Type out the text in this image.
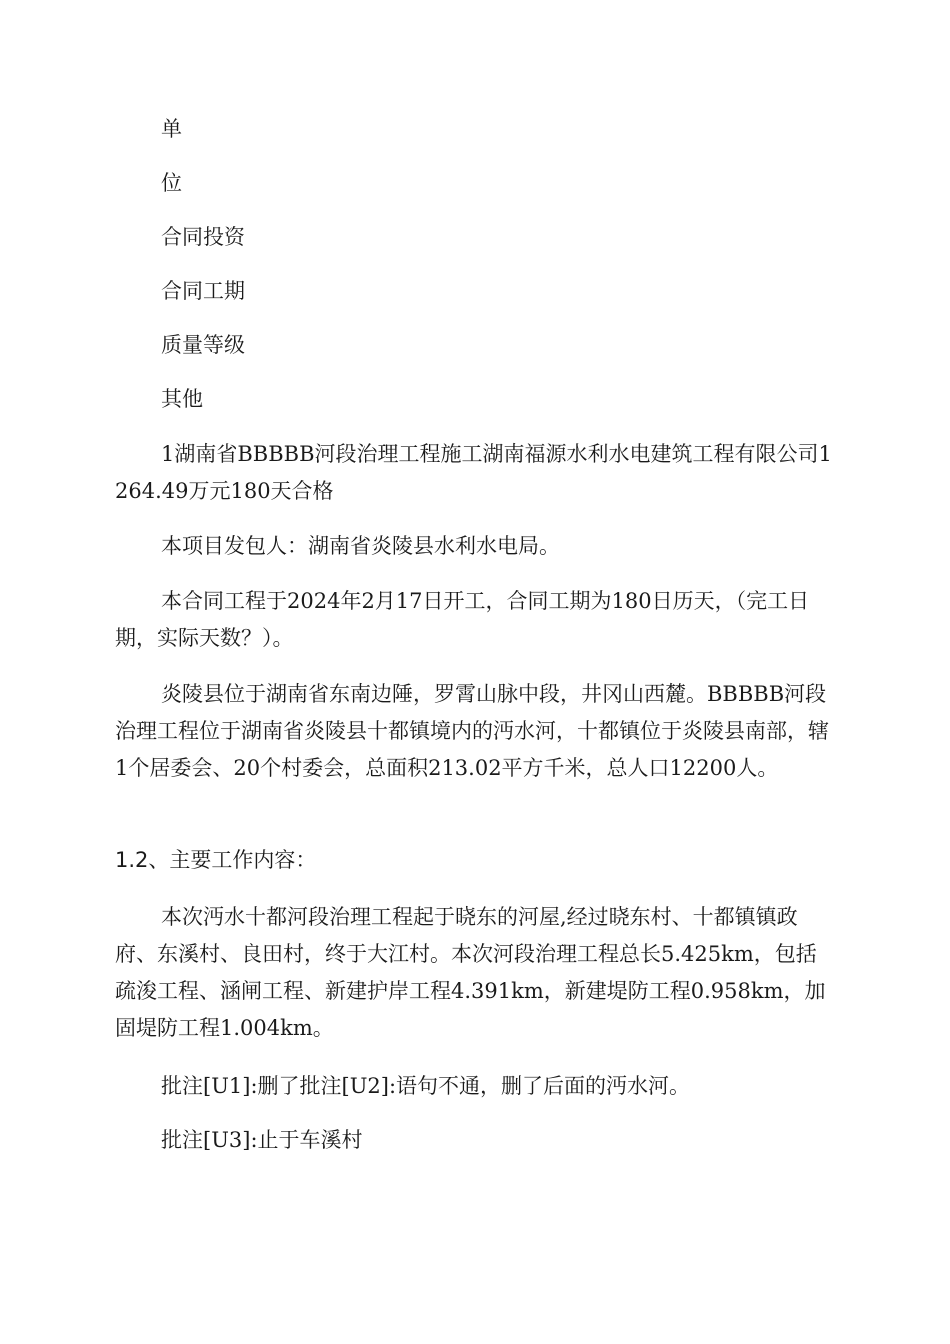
单

位

合同投资

合同工期

质量等级

其他

1湖南省BBBBB河段治理工程施工湖南福源水利水电建筑工程有限公司1264.49万元180天合格

本项目发包人：湖南省炎陵县水利水电局。

本合同工程于2024年2月17日开工，合同工期为180日历天，（完工日期，实际天数？）。

炎陵县位于湖南省东南边陲，罗霄山脉中段，井冈山西麓。BBBBB河段治理工程位于湖南省炎陵县十都镇境内的沔水河，十都镇位于炎陵县南部，辖1个居委会、20个村委会，总面积213.02平方千米，总人口12200人。

1.2、主要工作内容：

本次沔水十都河段治理工程起于晓东的河屋,经过晓东村、十都镇镇政府、东溪村、良田村，终于大江村。本次河段治理工程总长5.425km，包括疏浚工程、涵闸工程、新建护岸工程4.391km，新建堤防工程0.958km，加固堤防工程1.004km。

批注[U1]:删了批注[U2]:语句不通，删了后面的沔水河。

批注[U3]:止于车溪村
